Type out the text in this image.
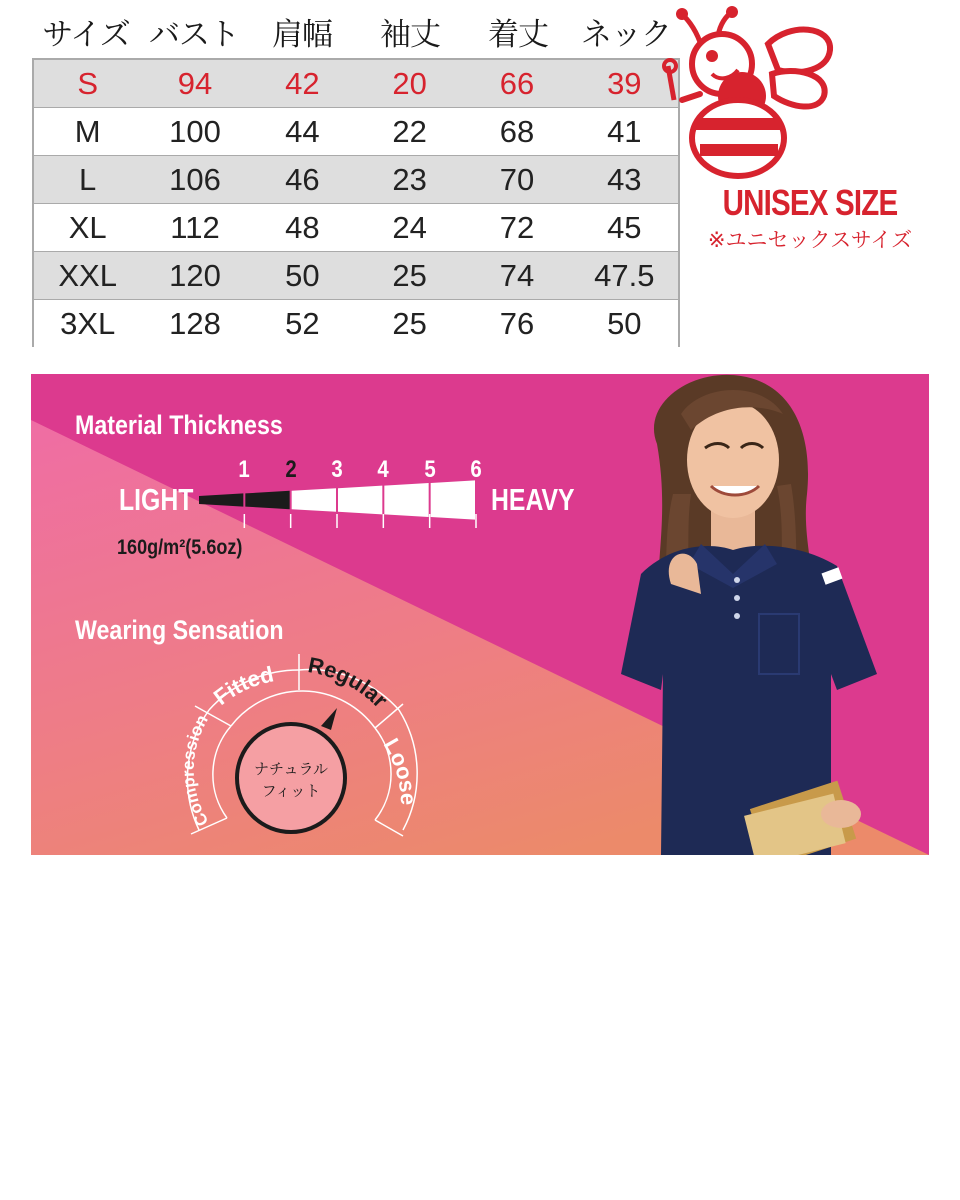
サイズ バスト	肩幅	袖丈	着丈	ネック
S	94	42	20	66	39
M	100	44	22	68	41
L	106	46	23	70	43
XL	112	48	24	72	45
XXL	120	50	25	74	47.5
3XL	128	52	25	76	50
UNISEX SIZE
※ユニセックスサイズ
Material Thickness
1 2 3 4 5 6
LIGHT	HEAVY
160g/m²(5.6oz)
Wearing Sensation
Compression
Fitted Regular
Loose
ナチュラル
フィット
